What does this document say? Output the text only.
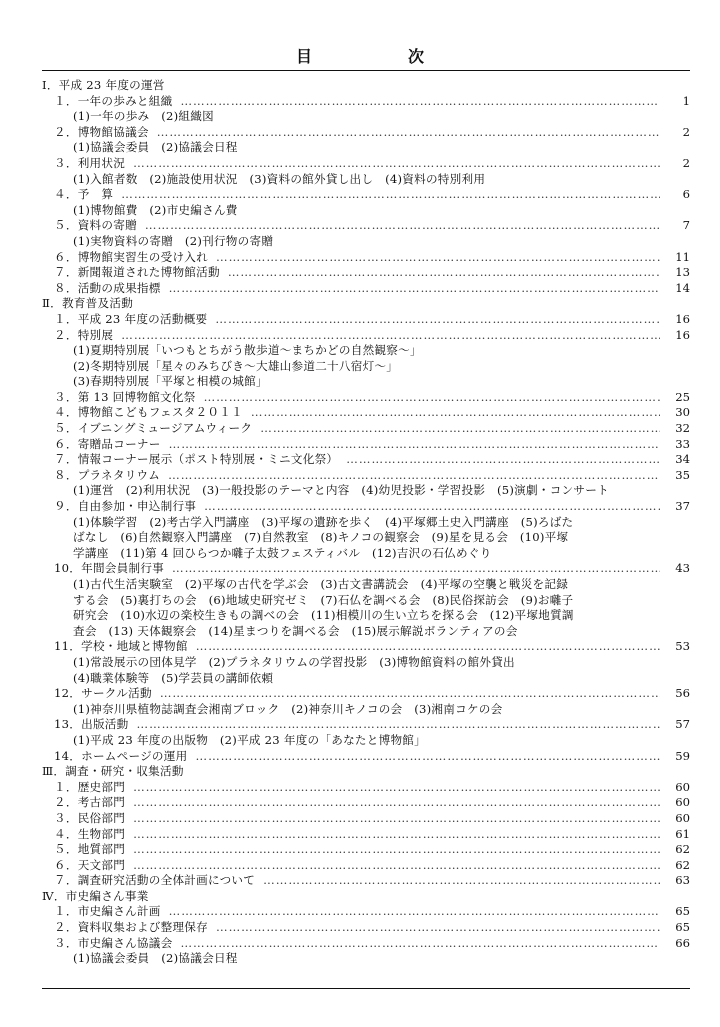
目　次
Ⅰ．平成 23 年度の運営
１．一年の歩みと組織 …………………………………………………………………………………………………………………………………………………	1
(1)一年の歩み　(2)組織図
２．博物館協議会 …………………………………………………………………………………………………………………………………………………	2
(1)協議会委員　(2)協議会日程
３．利用状況 …………………………………………………………………………………………………………………………………………………	2
(1)入館者数　(2)施設使用状況　(3)資料の館外貸し出し　(4)資料の特別利用
４．予　算 …………………………………………………………………………………………………………………………………………………	6
(1)博物館費　(2)市史編さん費
５．資料の寄贈 …………………………………………………………………………………………………………………………………………………	7
(1)実物資料の寄贈　(2)刊行物の寄贈
６．博物館実習生の受け入れ …………………………………………………………………………………………………………………………………………………	11
７．新聞報道された博物館活動 …………………………………………………………………………………………………………………………………………………	13
８．活動の成果指標 …………………………………………………………………………………………………………………………………………………	14
Ⅱ．教育普及活動
１．平成 23 年度の活動概要 …………………………………………………………………………………………………………………………………………………	16
２．特別展 …………………………………………………………………………………………………………………………………………………	16
(1)夏期特別展「いつもとちがう散歩道～まちかどの自然観察～」
(2)冬期特別展「星々のみちびき～大雄山参道二十八宿灯～」
(3)春期特別展「平塚と相模の城館」
３．第 13 回博物館文化祭 …………………………………………………………………………………………………………………………………………………	25
４．博物館こどもフェスタ２０１１ …………………………………………………………………………………………………………………………………………………	30
５．イブニングミュージアムウィーク …………………………………………………………………………………………………………………………………………………	32
６．寄贈品コーナー …………………………………………………………………………………………………………………………………………………	33
７．情報コーナー展示（ポスト特別展・ミニ文化祭） …………………………………………………………………………………………………………………………………………………	34
８．プラネタリウム …………………………………………………………………………………………………………………………………………………	35
(1)運営　(2)利用状況　(3)一般投影のテーマと内容　(4)幼児投影・学習投影　(5)演劇・コンサート
９．自由参加・申込制行事 …………………………………………………………………………………………………………………………………………………	37
(1)体験学習　(2)考古学入門講座　(3)平塚の遺跡を歩く　(4)平塚郷土史入門講座　(5)ろばた
ばなし　(6)自然観察入門講座　(7)自然教室　(8)キノコの観察会　(9)星を見る会　(10)平塚
学講座　(11)第 4 回ひらつか囃子太鼓フェスティバル　(12)吉沢の石仏めぐり
10．年間会員制行事 …………………………………………………………………………………………………………………………………………………	43
(1)古代生活実験室　(2)平塚の古代を学ぶ会　(3)古文書講読会　(4)平塚の空襲と戦災を記録
する会　(5)裏打ちの会　(6)地域史研究ゼミ　(7)石仏を調べる会　(8)民俗探訪会　(9)お囃子
研究会　(10)水辺の楽校生きもの調べの会　(11)相模川の生い立ちを探る会　(12)平塚地質調
査会　(13) 天体観察会　(14)星まつりを調べる会　(15)展示解説ボランティアの会
11．学校・地域と博物館 …………………………………………………………………………………………………………………………………………………	53
(1)常設展示の団体見学　(2)プラネタリウムの学習投影　(3)博物館資料の館外貸出
(4)職業体験等　(5)学芸員の講師依頼
12．サークル活動 …………………………………………………………………………………………………………………………………………………	56
(1)神奈川県植物誌調査会湘南ブロック　(2)神奈川キノコの会　(3)湘南コケの会
13．出版活動 …………………………………………………………………………………………………………………………………………………	57
(1)平成 23 年度の出版物　(2)平成 23 年度の「あなたと博物館」
14．ホームページの運用 …………………………………………………………………………………………………………………………………………………	59
Ⅲ．調査・研究・収集活動
１．歴史部門 …………………………………………………………………………………………………………………………………………………	60
２．考古部門 …………………………………………………………………………………………………………………………………………………	60
３．民俗部門 …………………………………………………………………………………………………………………………………………………	60
４．生物部門 …………………………………………………………………………………………………………………………………………………	61
５．地質部門 …………………………………………………………………………………………………………………………………………………	62
６．天文部門 …………………………………………………………………………………………………………………………………………………	62
７．調査研究活動の全体計画について …………………………………………………………………………………………………………………………………………………	63
Ⅳ．市史編さん事業
１．市史編さん計画 …………………………………………………………………………………………………………………………………………………	65
２．資料収集および整理保存 …………………………………………………………………………………………………………………………………………………	65
３．市史編さん協議会 …………………………………………………………………………………………………………………………………………………	66
(1)協議会委員　(2)協議会日程
